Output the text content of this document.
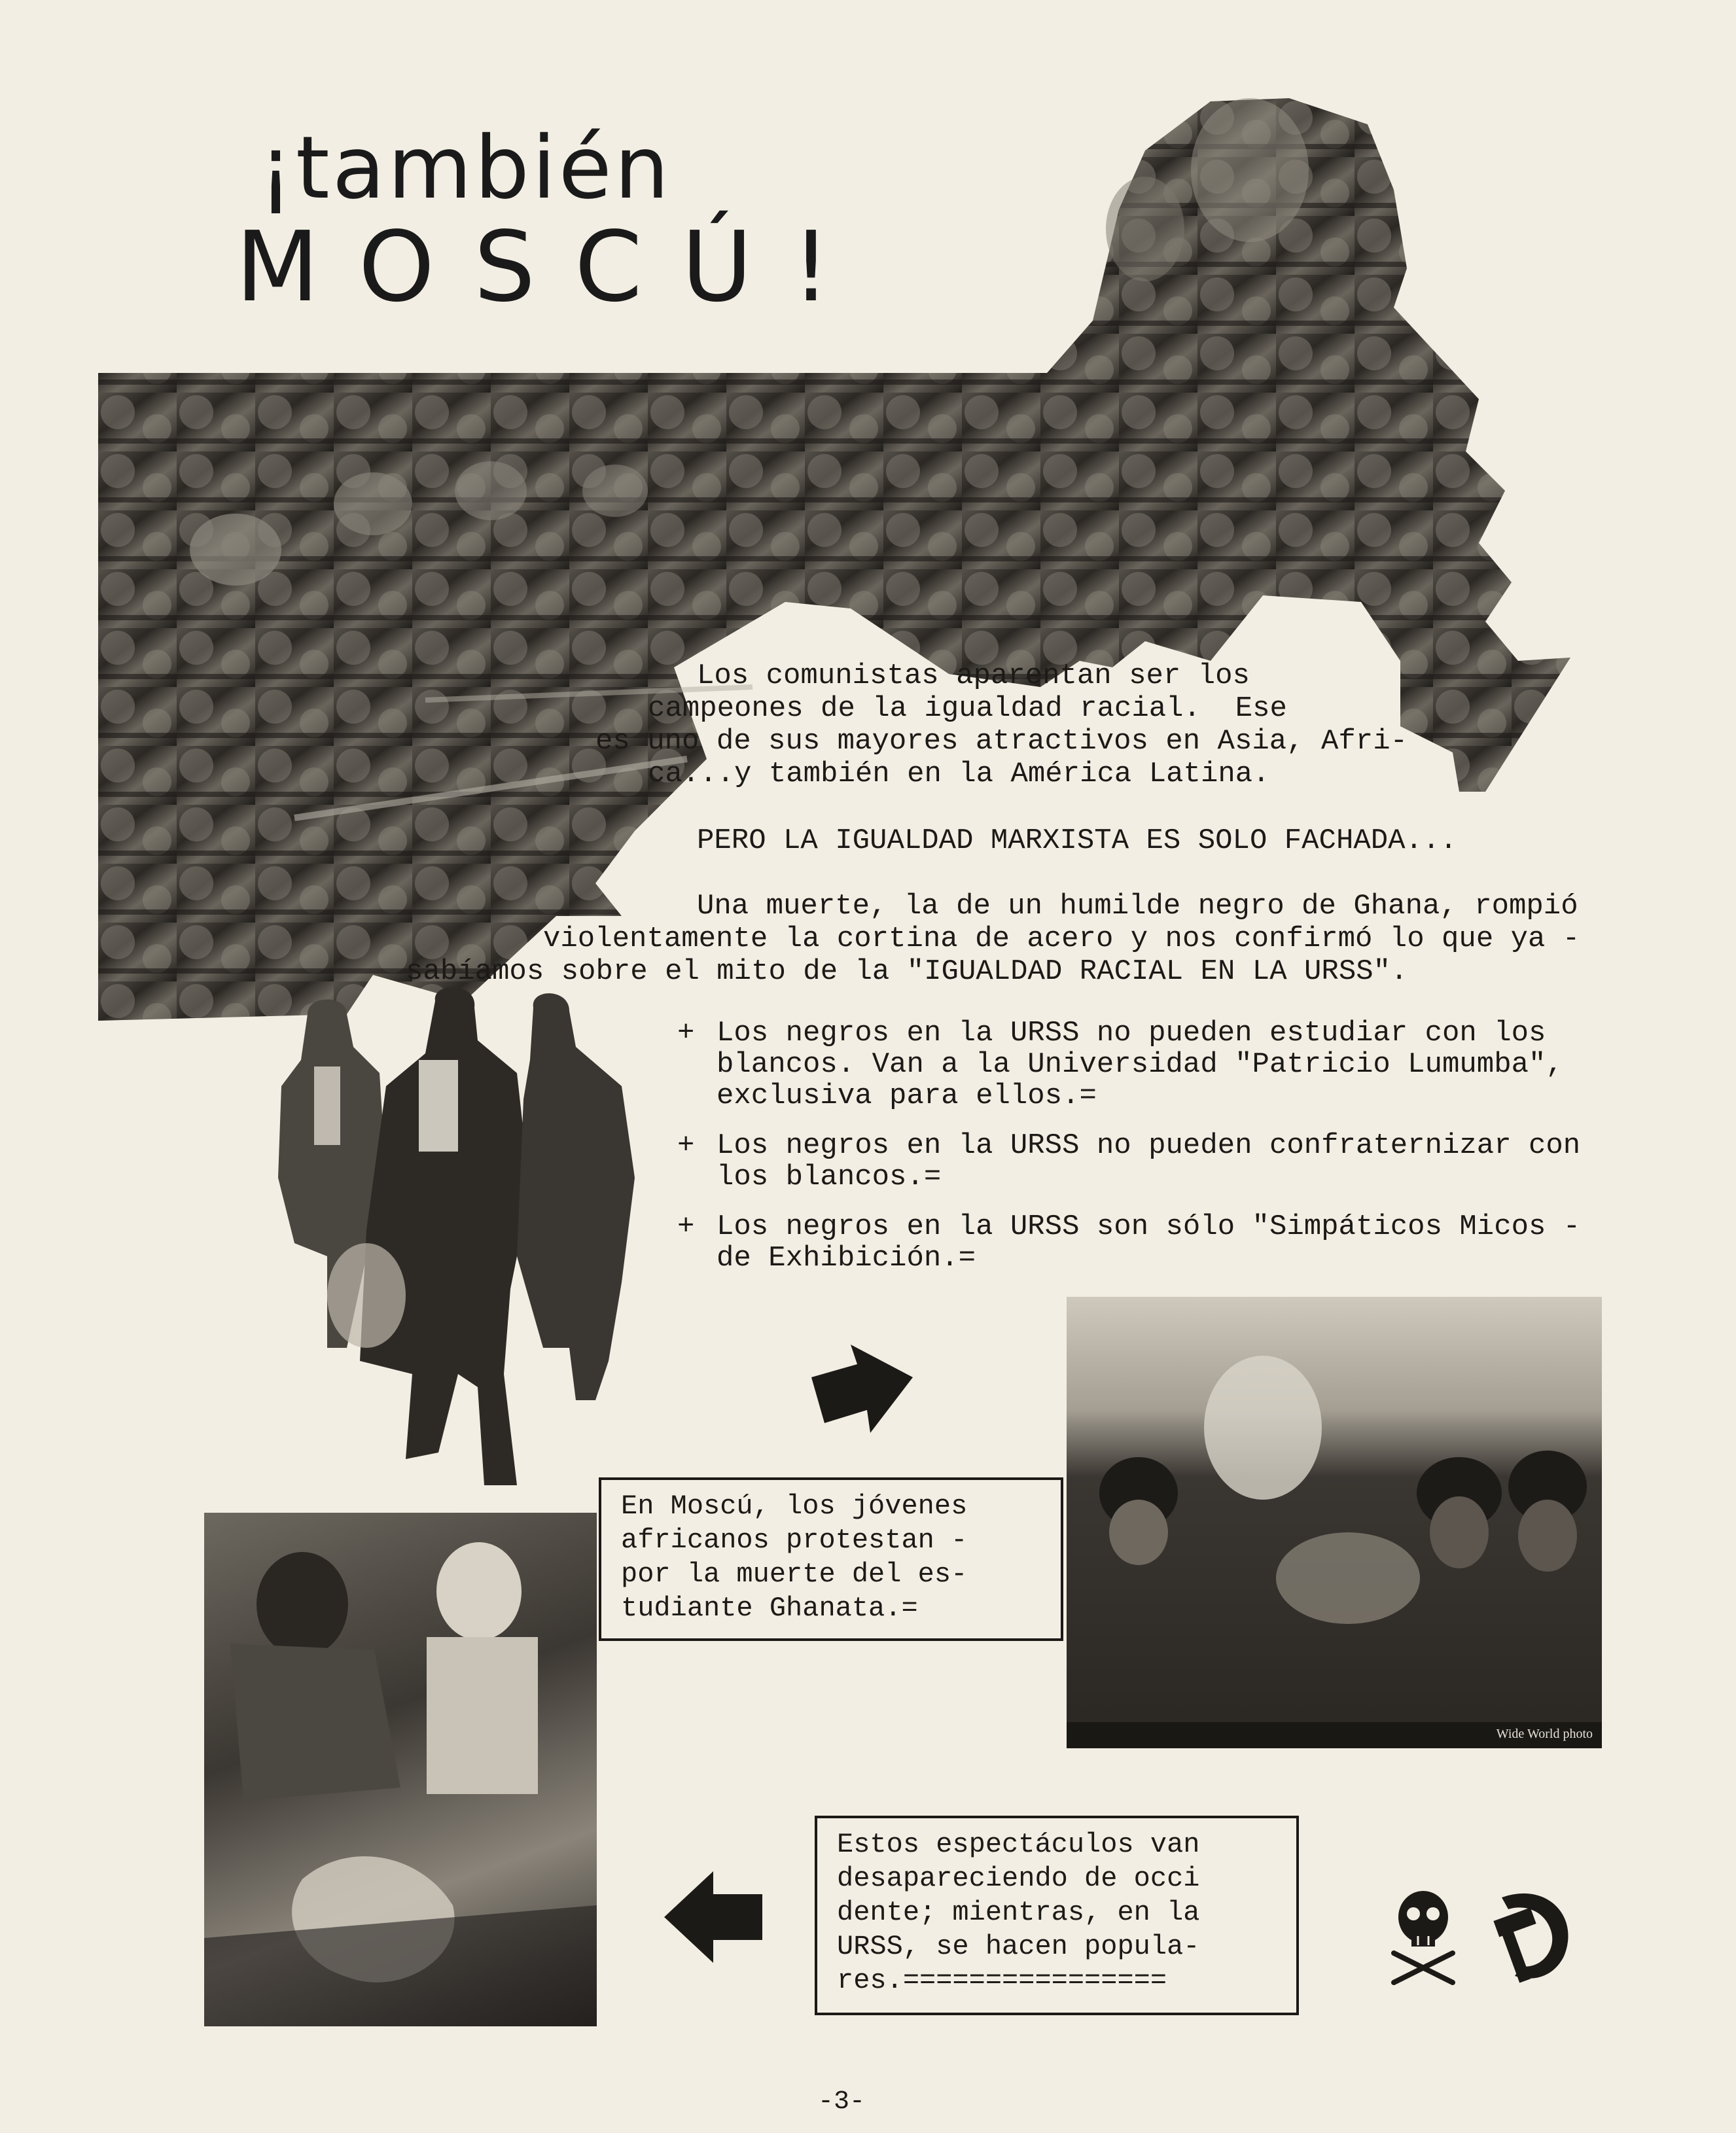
¡también
MOSCÚ!
Los comunistas aparentan ser los
campeones de la igualdad racial.  Ese
es uno de sus mayores atractivos en Asia, Afri-
ca...y también en la América Latina.
PERO LA IGUALDAD MARXISTA ES SOLO FACHADA...
Una muerte, la de un humilde negro de Ghana, rompió
violentamente la cortina de acero y nos confirmó lo que ya -
sabíamos sobre el mito de la "IGUALDAD RACIAL EN LA URSS".
+ Los negros en la URSS no pueden estudiar con los
blancos. Van a la Universidad "Patricio Lumumba",
exclusiva para ellos.=
+ Los negros en la URSS no pueden confraternizar con
los blancos.=
+ Los negros en la URSS son sólo "Simpáticos Micos -
de Exhibición.=
Wide World photo
En Moscú, los jóvenes
africanos protestan -
por la muerte del es-
tudiante Ghanata.=
Estos espectáculos van
desapareciendo de occi
dente; mientras, en la
URSS, se hacen popula-
res.================
-3-
